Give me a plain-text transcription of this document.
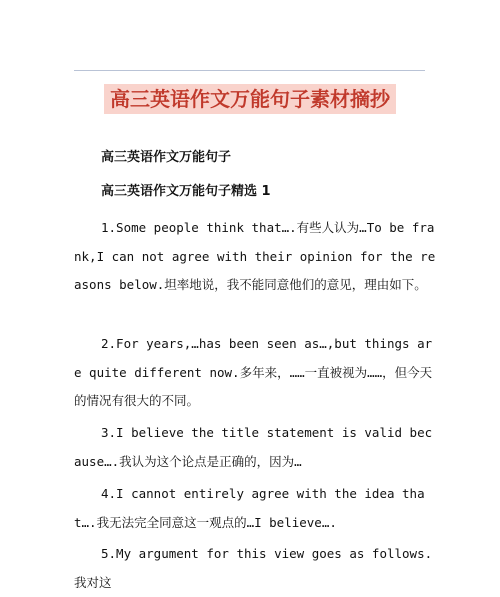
高三英语作文万能句子素材摘抄
高三英语作文万能句子
高三英语作文万能句子精选 1
1.Some people think that….有些人认为…To be frank,I can not agree with their opinion for the reasons below.坦率地说，我不能同意他们的意见，理由如下。
2.For years,…has been seen as…,but things are quite different now.多年来，……一直被视为……，但今天的情况有很大的不同。
3.I believe the title statement is valid because….我认为这个论点是正确的，因为…
4.I cannot entirely agree with the idea that….我无法完全同意这一观点的…I believe….
5.My argument for this view goes as follows.我对这
